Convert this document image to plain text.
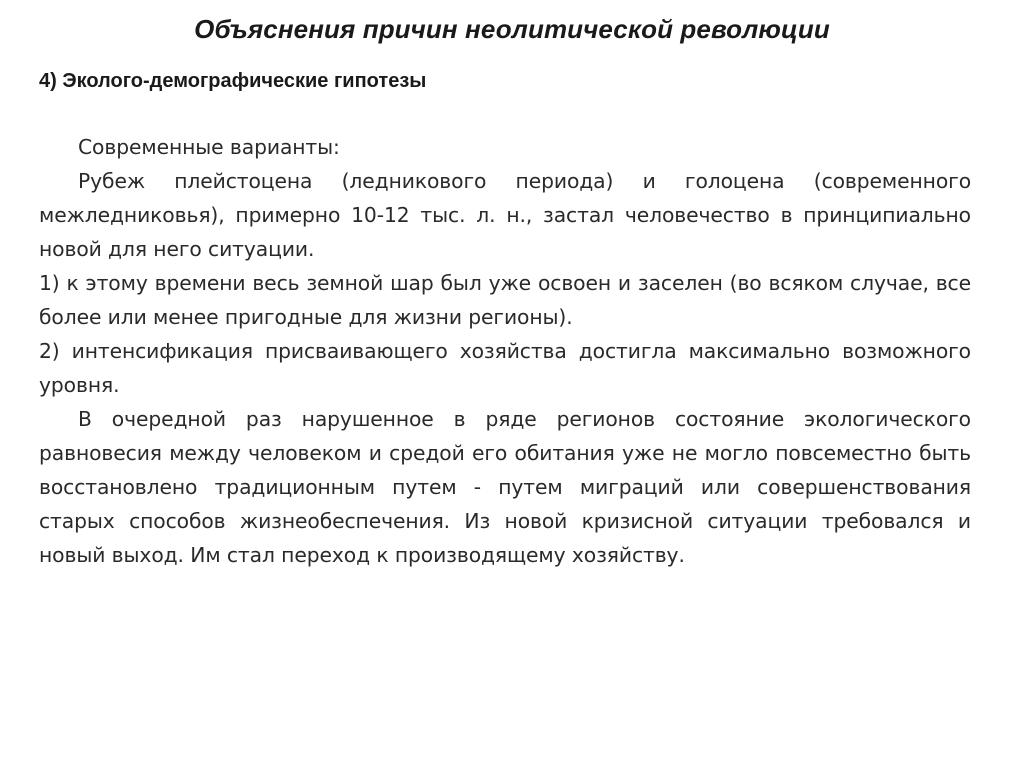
Объяснения причин неолитической революции
4) Эколого-демографические гипотезы

Современные варианты:

Рубеж плейстоцена (ледникового периода) и голоцена (современного межледниковья), примерно 10-12 тыс. л. н., застал человечество в принципиально новой для него ситуации.

1) к этому времени весь земной шар был уже освоен и заселен (во всяком случае, все более или менее пригодные для жизни регионы).

2) интенсификация присваивающего хозяйства достигла максимально возможного уровня.

В очередной раз нарушенное в ряде регионов состояние экологического равновесия между человеком и средой его обитания уже не могло повсеместно быть восстановлено традиционным путем - путем миграций или совершенствования старых способов жизнеобеспечения. Из новой кризисной ситуации требовался и новый выход. Им стал переход к производящему хозяйству.
